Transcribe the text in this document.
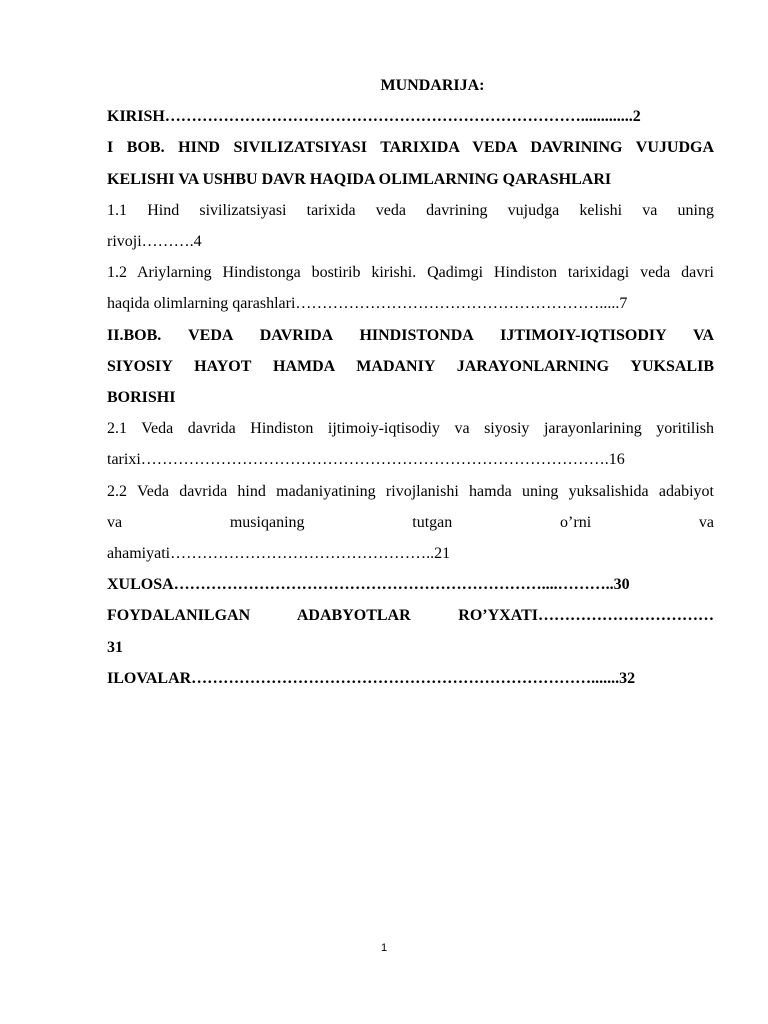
MUNDARIJA:

KIRISH…………………………………………………………………….............2

I BOB. HIND SIVILIZATSIYASI TARIXIDA VEDA DAVRINING VUJUDGA
KELISHI VA USHBU DAVR HAQIDA OLIMLARNING QARASHLARI

1.1 Hind sivilizatsiyasi tarixida veda davrining vujudga kelishi va uning
rivoji……….4

1.2 Ariylarning Hindistonga bostirib kirishi. Qadimgi Hindiston tarixidagi veda davri
haqida olimlarning qarashlari………………………………………………….....7

II.BOB. VEDA DAVRIDA HINDISTONDA IJTIMOIY-IQTISODIY VA
SIYOSIY HAYOT HAMDA MADANIY JARAYONLARNING YUKSALIB
BORISHI

2.1 Veda davrida Hindiston ijtimoiy-iqtisodiy va siyosiy jarayonlarining yoritilish
tarixi…………………………………………………………………………….16

2.2 Veda davrida hind madaniyatining rivojlanishi hamda uning yuksalishida adabiyot
va musiqaning tutgan o’rni va
ahamiyati…………………………………………..21

XULOSA……………………………………………………………....………..30

FOYDALANILGAN ADABYOTLAR RO’YXATI……………………………
31

ILOVALAR………………………………………………………………….......32

1
